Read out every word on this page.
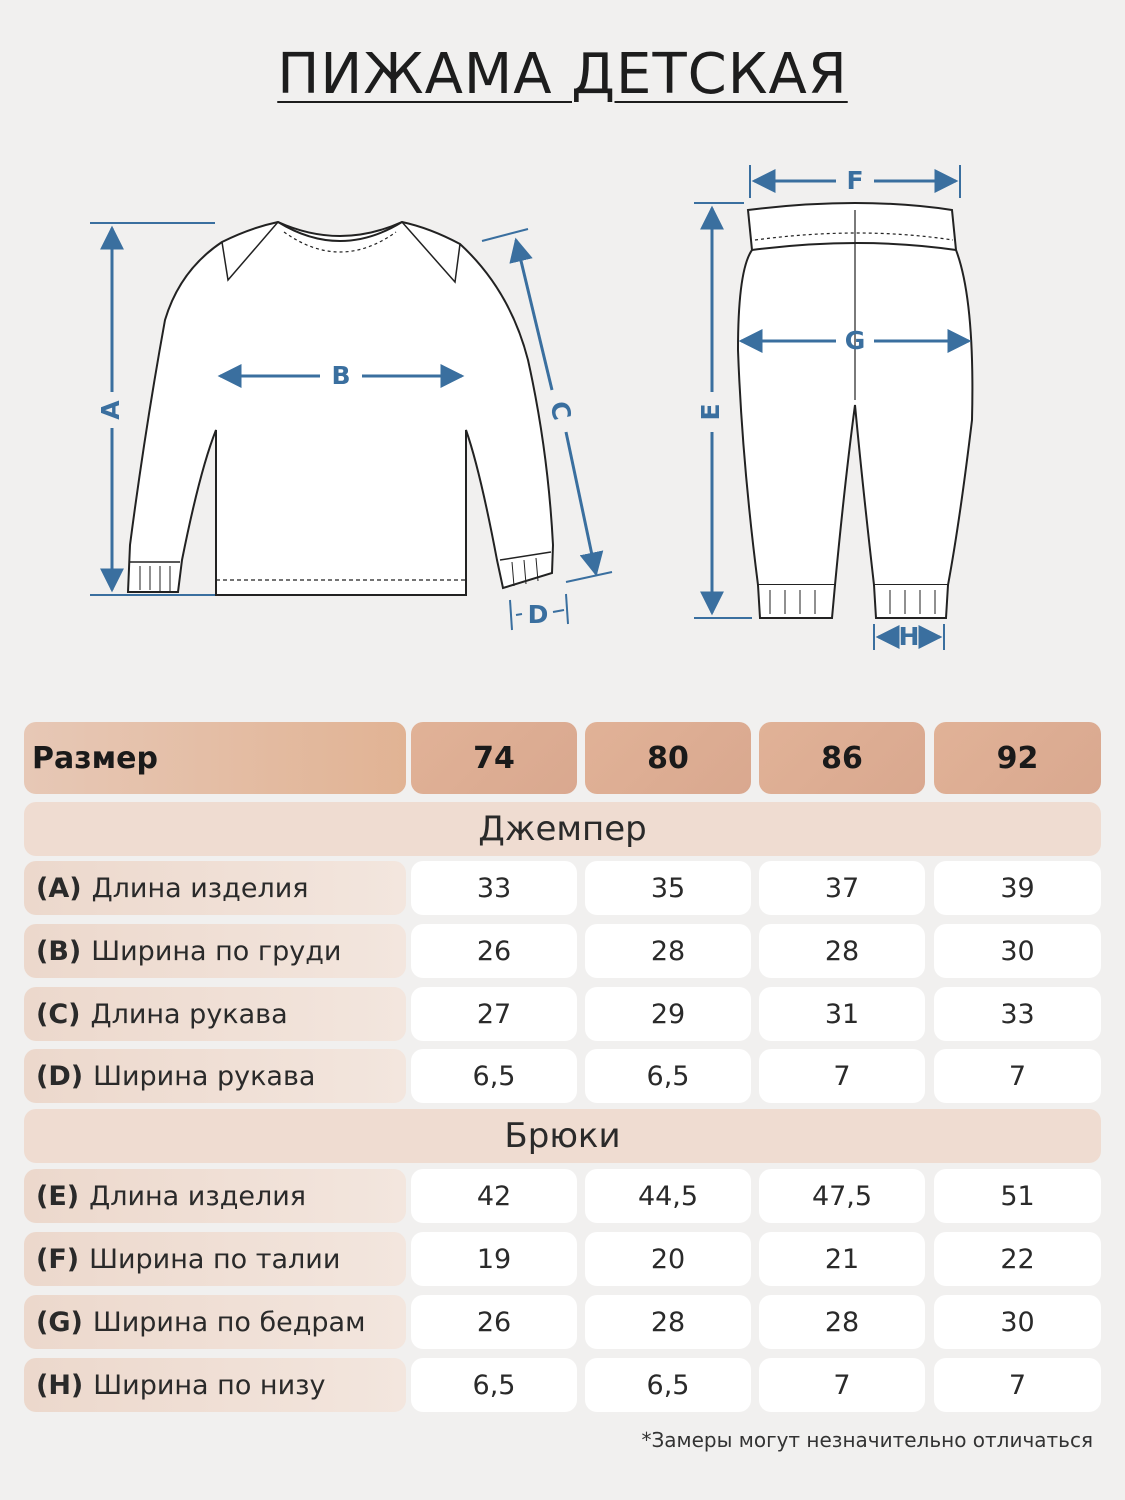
ПИЖАМА ДЕТСКАЯ
A
B
C
D
E
F
G
H
Размер	74	80	86	92
Джемпер
(A) Длина изделия	33	35	37	39
(B) Ширина по груди	26	28	28	30
(C) Длина рукава	27	29	31	33
(D) Ширина рукава	6,5	6,5	7	7
Брюки
(E) Длина изделия	42	44,5	47,5	51
(F) Ширина по талии	19	20	21	22
(G) Ширина по бедрам	26	28	28	30
(H) Ширина по низу	6,5	6,5	7	7
*Замеры могут незначительно отличаться
